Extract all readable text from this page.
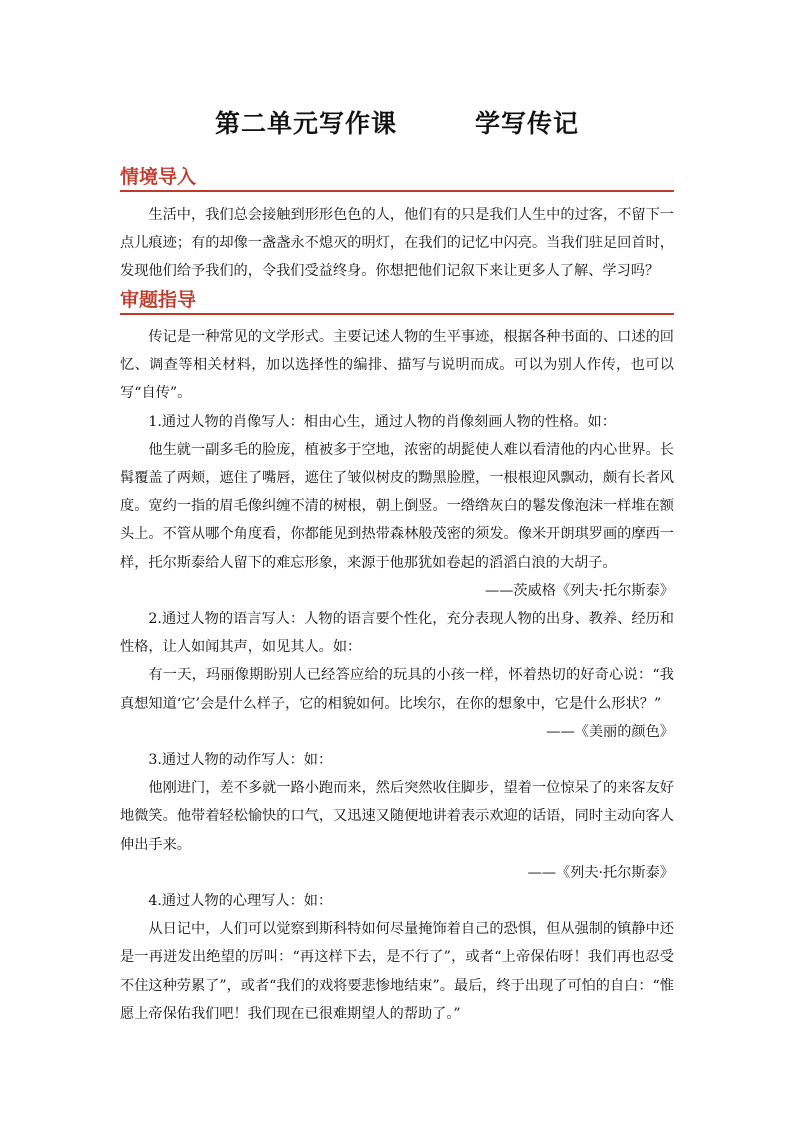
第二单元写作课	学写传记
情境导入

生活中，我们总会接触到形形色色的人，他们有的只是我们人生中的过客，不留下一点儿痕迹；有的却像一盏盏永不熄灭的明灯，在我们的记忆中闪亮。当我们驻足回首时，发现他们给予我们的，令我们受益终身。你想把他们记叙下来让更多人了解、学习吗？

审题指导

传记是一种常见的文学形式。主要记述人物的生平事迹，根据各种书面的、口述的回忆、调查等相关材料，加以选择性的编排、描写与说明而成。可以为别人作传，也可以写“自传”。

1.通过人物的肖像写人：相由心生，通过人物的肖像刻画人物的性格。如：

他生就一副多毛的脸庞，植被多于空地，浓密的胡髭使人难以看清他的内心世界。长髯覆盖了两颊，遮住了嘴唇，遮住了皱似树皮的黝黑脸膛，一根根迎风飘动，颇有长者风度。宽约一指的眉毛像纠缠不清的树根，朝上倒竖。一绺绺灰白的鬈发像泡沫一样堆在额头上。不管从哪个角度看，你都能见到热带森林般茂密的须发。像米开朗琪罗画的摩西一样，托尔斯泰给人留下的难忘形象，来源于他那犹如卷起的滔滔白浪的大胡子。

——茨威格《列夫·托尔斯泰》

2.通过人物的语言写人：人物的语言要个性化，充分表现人物的出身、教养、经历和性格，让人如闻其声，如见其人。如：

有一天，玛丽像期盼别人已经答应给的玩具的小孩一样，怀着热切的好奇心说：“我真想知道‘它’会是什么样子，它的相貌如何。比埃尔，在你的想象中，它是什么形状？”

——《美丽的颜色》

3.通过人物的动作写人：如：

他刚进门，差不多就一路小跑而来，然后突然收住脚步，望着一位惊呆了的来客友好地微笑。他带着轻松愉快的口气，又迅速又随便地讲着表示欢迎的话语，同时主动向客人伸出手来。

——《列夫·托尔斯泰》

4.通过人物的心理写人：如：

从日记中，人们可以觉察到斯科特如何尽量掩饰着自己的恐惧，但从强制的镇静中还是一再迸发出绝望的厉叫：“再这样下去，是不行了”，或者“上帝保佑呀！我们再也忍受不住这种劳累了”，或者“我们的戏将要悲惨地结束”。最后，终于出现了可怕的自白：“惟愿上帝保佑我们吧！我们现在已很难期望人的帮助了。”
